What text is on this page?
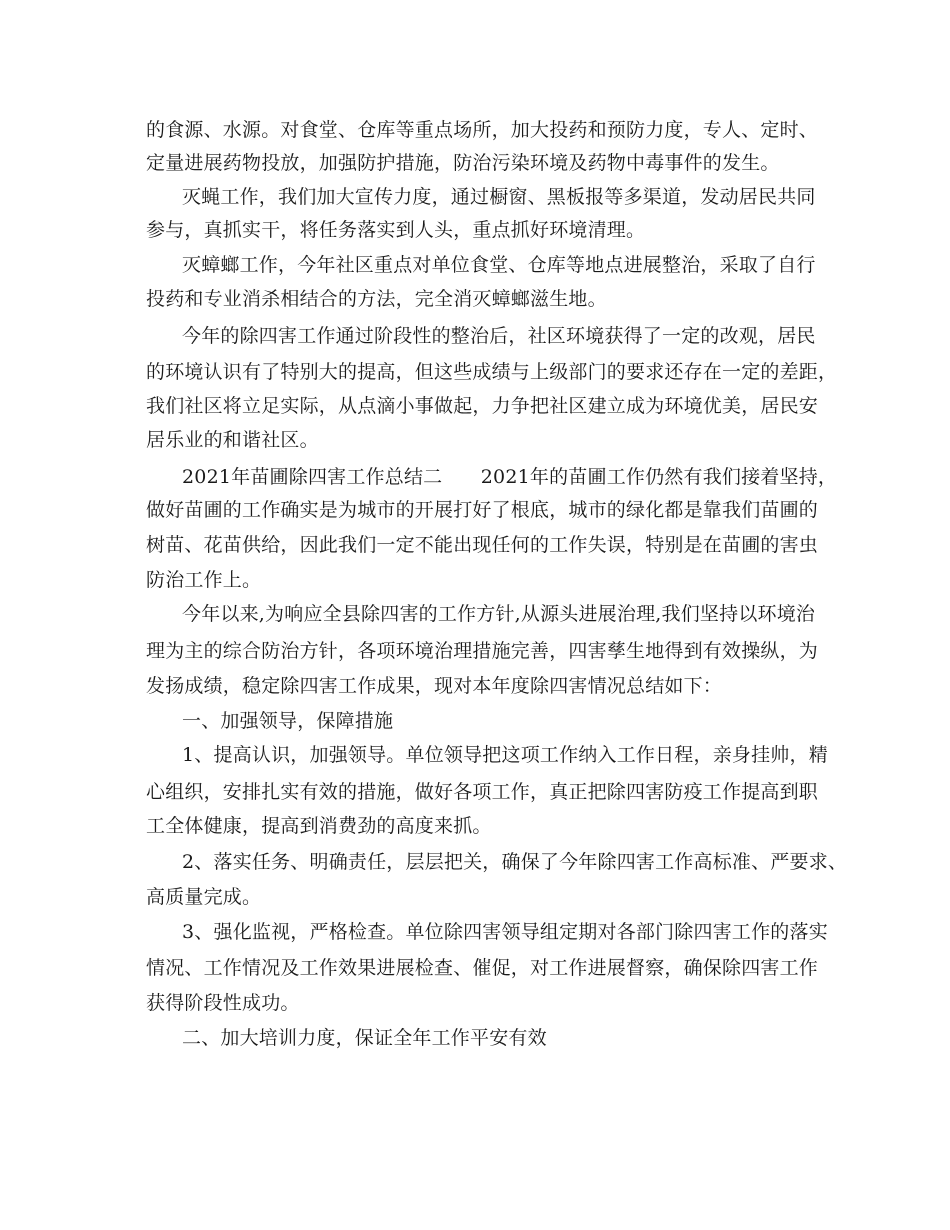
的食源、水源。对食堂、仓库等重点场所，加大投药和预防力度，专人、定时、
定量进展药物投放，加强防护措施，防治污染环境及药物中毒事件的发生。
灭蝇工作，我们加大宣传力度，通过橱窗、黑板报等多渠道，发动居民共同
参与，真抓实干，将任务落实到人头，重点抓好环境清理。
灭蟑螂工作，今年社区重点对单位食堂、仓库等地点进展整治，采取了自行
投药和专业消杀相结合的方法，完全消灭蟑螂滋生地。
今年的除四害工作通过阶段性的整治后，社区环境获得了一定的改观，居民
的环境认识有了特别大的提高，但这些成绩与上级部门的要求还存在一定的差距，
我们社区将立足实际，从点滴小事做起，力争把社区建立成为环境优美，居民安
居乐业的和谐社区。
2021年苗圃除四害工作总结二　　2021年的苗圃工作仍然有我们接着坚持，
做好苗圃的工作确实是为城市的开展打好了根底，城市的绿化都是靠我们苗圃的
树苗、花苗供给，因此我们一定不能出现任何的工作失误，特别是在苗圃的害虫
防治工作上。
今年以来,为响应全县除四害的工作方针,从源头进展治理,我们坚持以环境治
理为主的综合防治方针，各项环境治理措施完善，四害孳生地得到有效操纵，为
发扬成绩，稳定除四害工作成果，现对本年度除四害情况总结如下：
一、加强领导，保障措施
1、提高认识，加强领导。单位领导把这项工作纳入工作日程，亲身挂帅，精
心组织，安排扎实有效的措施，做好各项工作，真正把除四害防疫工作提高到职
工全体健康，提高到消费劲的高度来抓。
2、落实任务、明确责任，层层把关，确保了今年除四害工作高标准、严要求、
高质量完成。
3、强化监视，严格检查。单位除四害领导组定期对各部门除四害工作的落实
情况、工作情况及工作效果进展检查、催促，对工作进展督察，确保除四害工作
获得阶段性成功。
二、加大培训力度，保证全年工作平安有效
